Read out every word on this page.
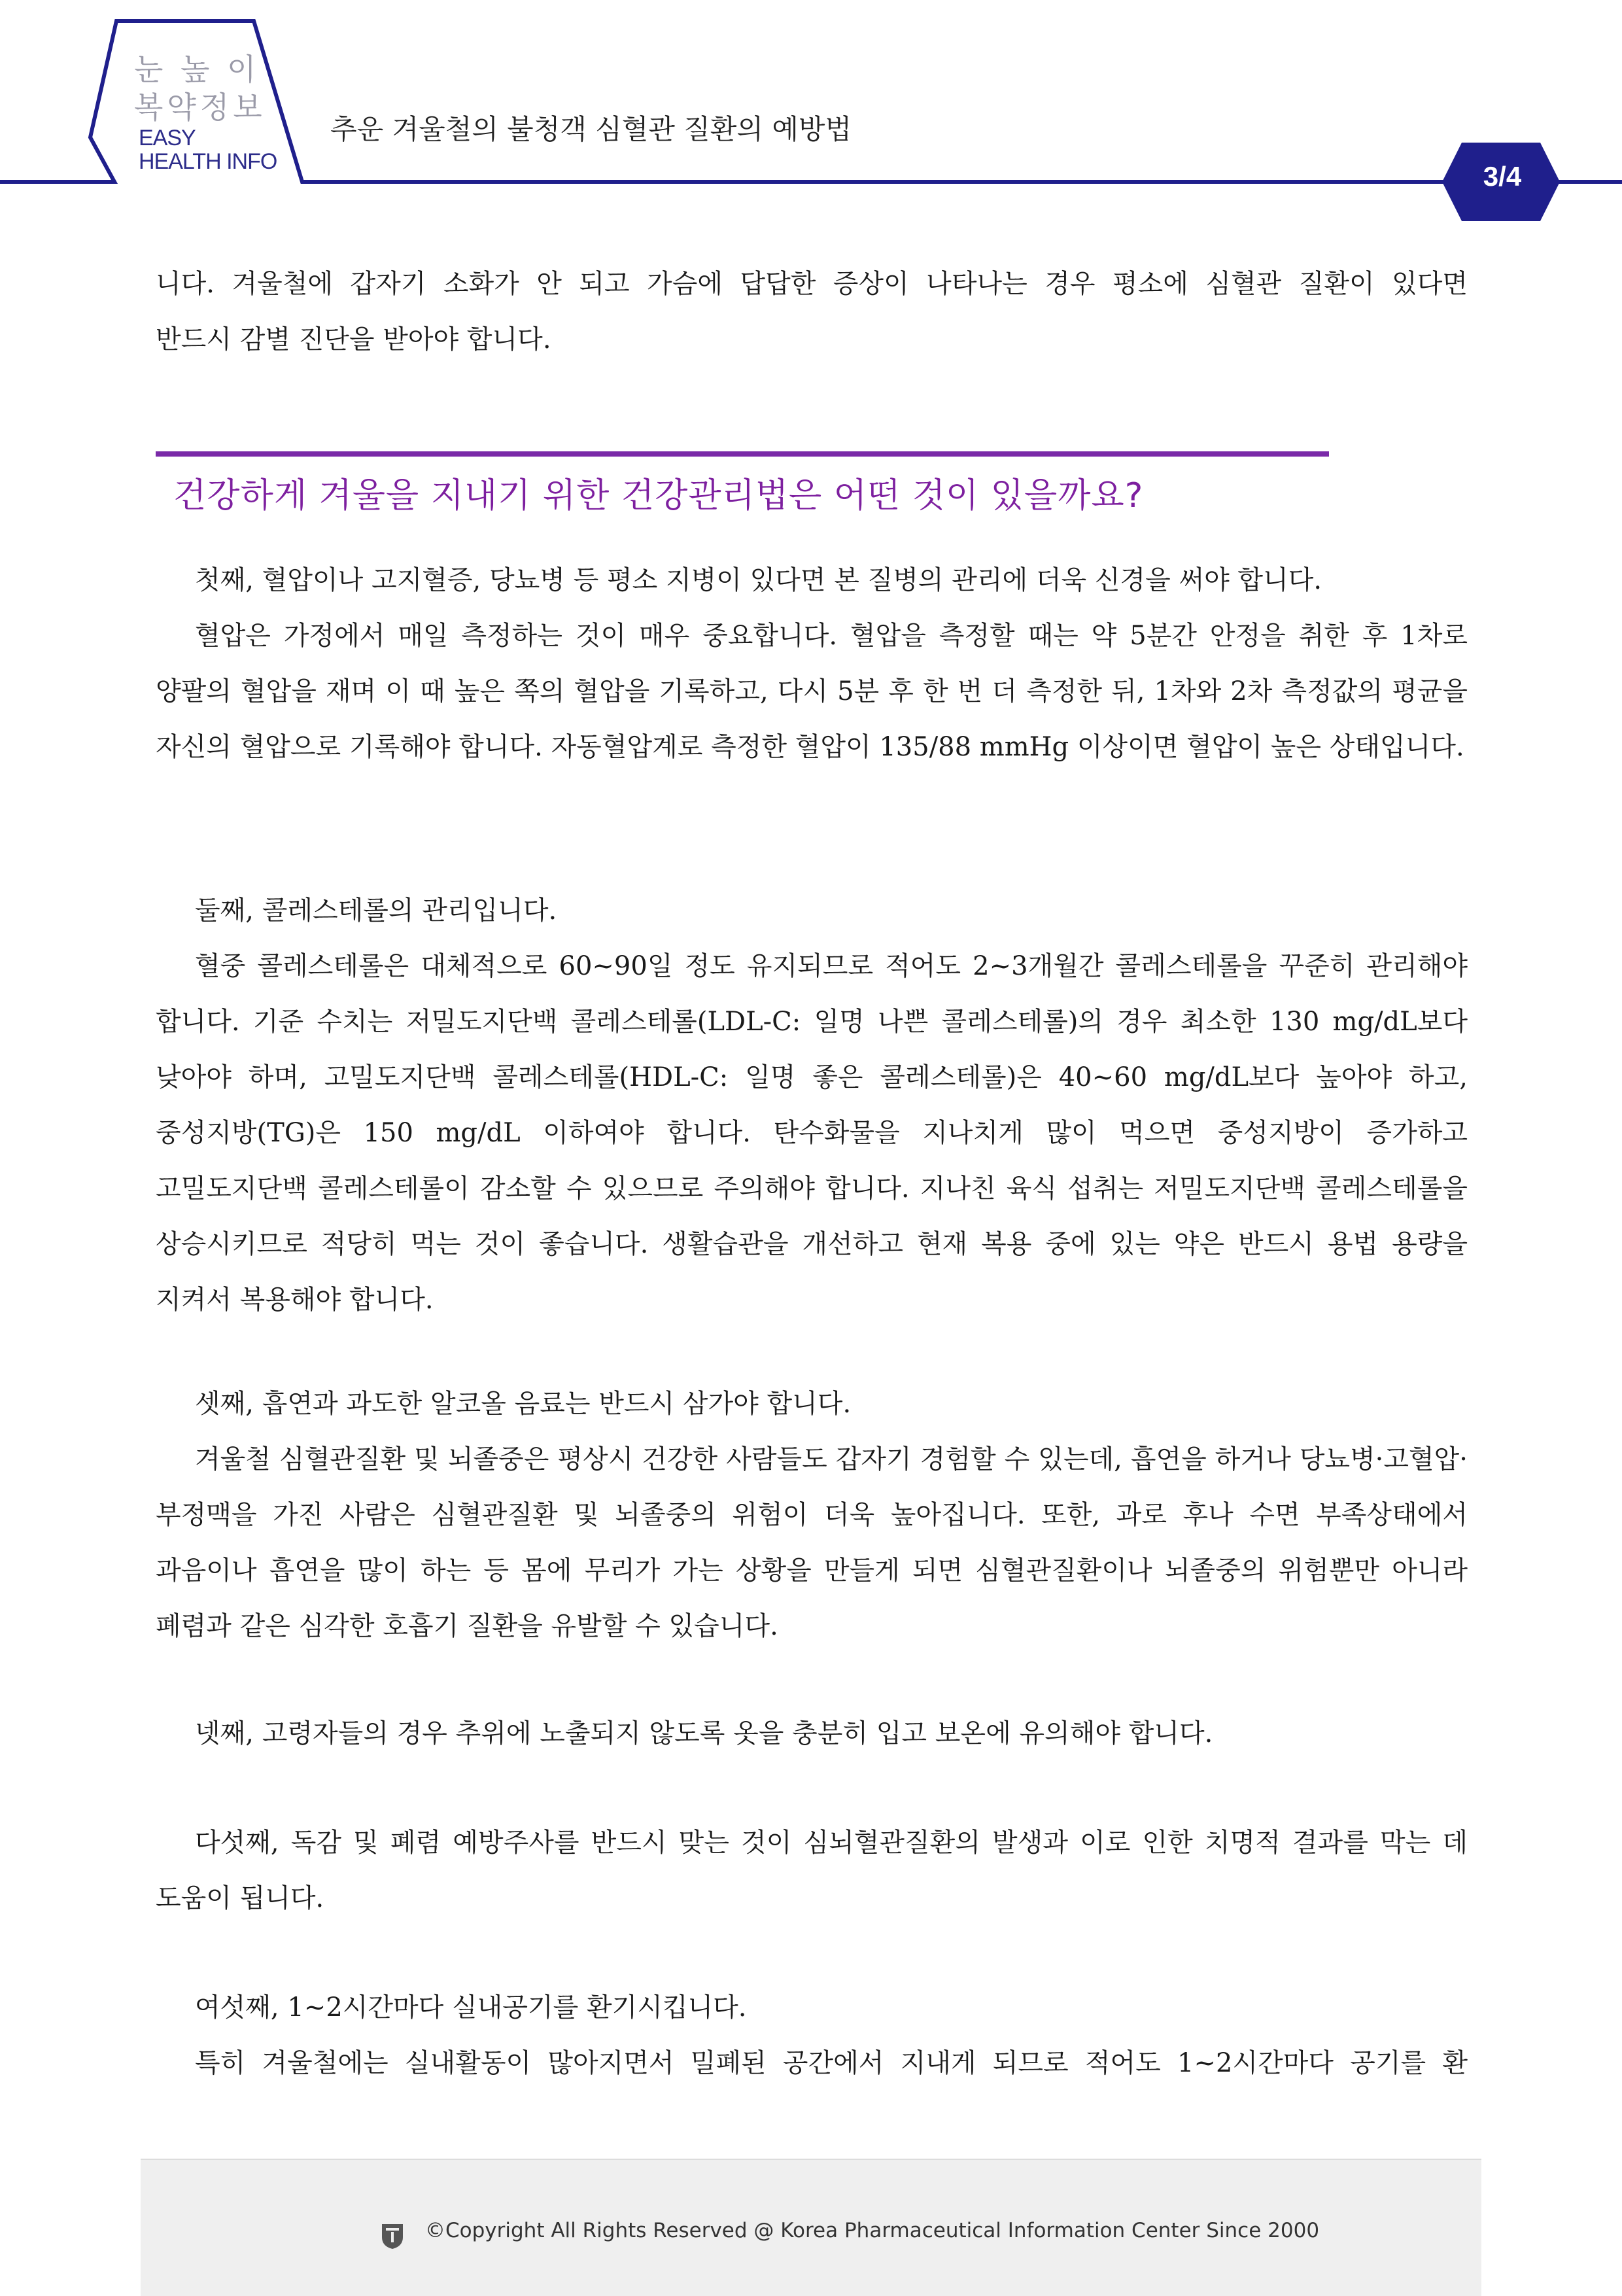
눈 높 이
복약정보
EASY
HEALTH INFO
추운 겨울철의 불청객 심혈관 질환의 예방법
3/4

니다. 겨울철에 갑자기 소화가 안 되고 가슴에 답답한 증상이 나타나는 경우 평소에 심혈관 질환이 있다면

반드시 감별 진단을 받아야 합니다.

건강하게 겨울을 지내기 위한 건강관리법은 어떤 것이 있을까요?

첫째, 혈압이나 고지혈증, 당뇨병 등 평소 지병이 있다면 본 질병의 관리에 더욱 신경을 써야 합니다.

혈압은 가정에서 매일 측정하는 것이 매우 중요합니다. 혈압을 측정할 때는 약 5분간 안정을 취한 후 1차로 양팔의 혈압을 재며 이 때 높은 쪽의 혈압을 기록하고, 다시 5분 후 한 번 더 측정한 뒤, 1차와 2차 측정값의 평균을 자신의 혈압으로 기록해야 합니다. 자동혈압계로 측정한 혈압이 135/88 mmHg 이상이면 혈압이 높은 상태입니다.

둘째, 콜레스테롤의 관리입니다.

혈중 콜레스테롤은 대체적으로 60~90일 정도 유지되므로 적어도 2~3개월간 콜레스테롤을 꾸준히 관리해야 합니다. 기준 수치는 저밀도지단백 콜레스테롤(LDL-C: 일명 나쁜 콜레스테롤)의 경우 최소한 130 mg/dL보다 낮아야 하며, 고밀도지단백 콜레스테롤(HDL-C: 일명 좋은 콜레스테롤)은 40~60 mg/dL보다 높아야 하고, 중성지방(TG)은 150 mg/dL 이하여야 합니다. 탄수화물을 지나치게 많이 먹으면 중성지방이 증가하고 고밀도지단백 콜레스테롤이 감소할 수 있으므로 주의해야 합니다. 지나친 육식 섭취는 저밀도지단백 콜레스테롤을 상승시키므로 적당히 먹는 것이 좋습니다. 생활습관을 개선하고 현재 복용 중에 있는 약은 반드시 용법 용량을 지켜서 복용해야 합니다.

셋째, 흡연과 과도한 알코올 음료는 반드시 삼가야 합니다.

겨울철 심혈관질환 및 뇌졸중은 평상시 건강한 사람들도 갑자기 경험할 수 있는데, 흡연을 하거나 당뇨병·고혈압·부정맥을 가진 사람은 심혈관질환 및 뇌졸중의 위험이 더욱 높아집니다. 또한, 과로 후나 수면 부족상태에서 과음이나 흡연을 많이 하는 등 몸에 무리가 가는 상황을 만들게 되면 심혈관질환이나 뇌졸중의 위험뿐만 아니라 폐렴과 같은 심각한 호흡기 질환을 유발할 수 있습니다.

넷째, 고령자들의 경우 추위에 노출되지 않도록 옷을 충분히 입고 보온에 유의해야 합니다.

다섯째, 독감 및 폐렴 예방주사를 반드시 맞는 것이 심뇌혈관질환의 발생과 이로 인한 치명적 결과를 막는 데 도움이 됩니다.

여섯째, 1~2시간마다 실내공기를 환기시킵니다.

특히 겨울철에는 실내활동이 많아지면서 밀폐된 공간에서 지내게 되므로 적어도 1~2시간마다 공기를 환

©Copyright All Rights Reserved @ Korea Pharmaceutical Information Center Since 2000
